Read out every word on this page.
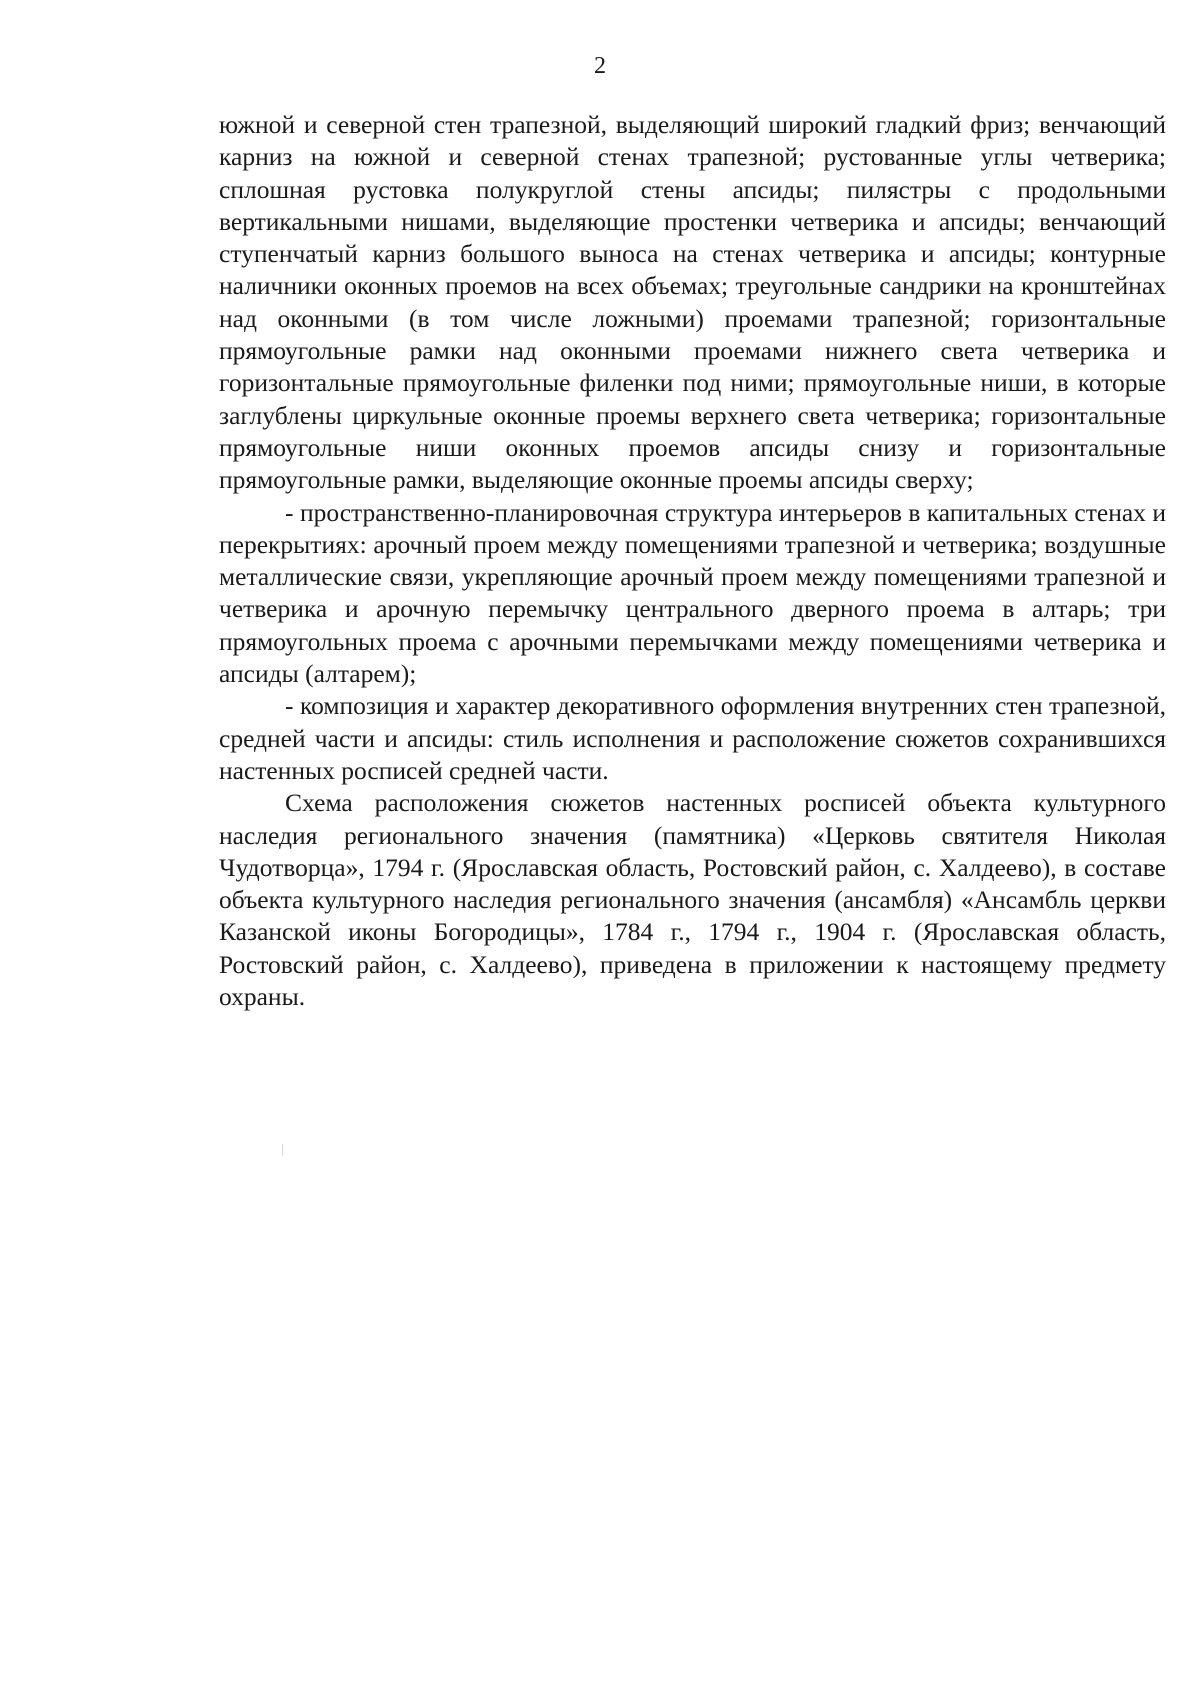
2

южной и северной стен трапезной, выделяющий широкий гладкий фриз; венчающий карниз на южной и северной стенах трапезной; рустованные углы четверика; сплошная рустовка полукруглой стены апсиды; пилястры с продольными вертикальными нишами, выделяющие простенки четверика и апсиды; венчающий ступенчатый карниз большого выноса на стенах четверика и апсиды; контурные наличники оконных проемов на всех объемах; треугольные сандрики на кронштейнах над оконными (в том числе ложными) проемами трапезной; горизонтальные прямоугольные рамки над оконными проемами нижнего света четверика и горизонтальные прямоугольные филенки под ними; прямоугольные ниши, в которые заглублены циркульные оконные проемы верхнего света четверика; горизонтальные прямоугольные ниши оконных проемов апсиды снизу и горизонтальные прямоугольные рамки, выделяющие оконные проемы апсиды сверху;

- пространственно-планировочная структура интерьеров в капитальных стенах и перекрытиях: арочный проем между помещениями трапезной и четверика; воздушные металлические связи, укрепляющие арочный проем между помещениями трапезной и четверика и арочную перемычку центрального дверного проема в алтарь; три прямоугольных проема с арочными перемычками между помещениями четверика и апсиды (алтарем);

- композиция и характер декоративного оформления внутренних стен трапезной, средней части и апсиды: стиль исполнения и расположение сюжетов сохранившихся настенных росписей средней части.

Схема расположения сюжетов настенных росписей объекта культурного наследия регионального значения (памятника) «Церковь святителя Николая Чудотворца», 1794 г. (Ярославская область, Ростовский район, с. Халдеево), в составе объекта культурного наследия регионального значения (ансамбля) «Ансамбль церкви Казанской иконы Богородицы», 1784 г., 1794 г., 1904 г. (Ярославская область, Ростовский район, с. Халдеево), приведена в приложении к настоящему предмету охраны.
